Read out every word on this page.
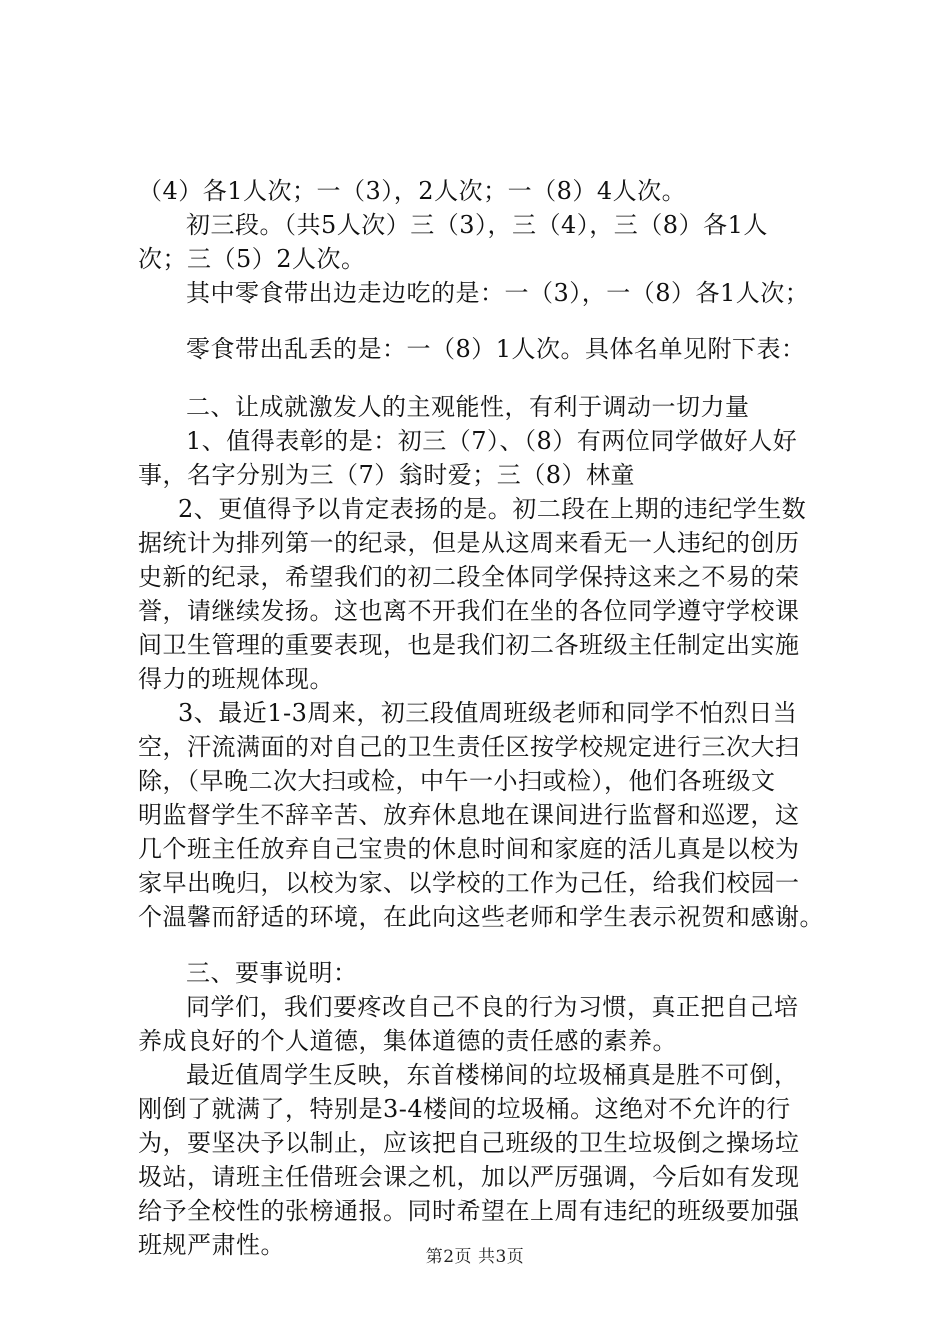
（4）各1人次；一（3），2人次；一（8）4人次。
初三段。（共5人次）三（3），三（4），三（8）各1人
次；三（5）2人次。
其中零食带出边走边吃的是：一（3），一（8）各1人次；
零食带出乱丢的是：一（8）1人次。具体名单见附下表：
二、让成就激发人的主观能性，有利于调动一切力量
1、值得表彰的是：初三（7）、（8）有两位同学做好人好
事，名字分别为三（7）翁时爱；三（8）林童
2、更值得予以肯定表扬的是。初二段在上期的违纪学生数
据统计为排列第一的纪录，但是从这周来看无一人违纪的创历
史新的纪录，希望我们的初二段全体同学保持这来之不易的荣
誉，请继续发扬。这也离不开我们在坐的各位同学遵守学校课
间卫生管理的重要表现，也是我们初二各班级主任制定出实施
得力的班规体现。
3、最近1-3周来，初三段值周班级老师和同学不怕烈日当
空，汗流满面的对自己的卫生责任区按学校规定进行三次大扫
除，（早晚二次大扫或检，中午一小扫或检），他们各班级文
明监督学生不辞辛苦、放弃休息地在课间进行监督和巡逻，这
几个班主任放弃自己宝贵的休息时间和家庭的活儿真是以校为
家早出晚归，以校为家、以学校的工作为己任，给我们校园一
个温馨而舒适的环境，在此向这些老师和学生表示祝贺和感谢。
三、要事说明：
同学们，我们要疼改自己不良的行为习惯，真正把自己培
养成良好的个人道德，集体道德的责任感的素养。
最近值周学生反映，东首楼梯间的垃圾桶真是胜不可倒，
刚倒了就满了，特别是3-4楼间的垃圾桶。这绝对不允许的行
为，要坚决予以制止，应该把自己班级的卫生垃圾倒之操场垃
圾站，请班主任借班会课之机，加以严厉强调，今后如有发现
给予全校性的张榜通报。同时希望在上周有违纪的班级要加强
班规严肃性。	第2页 共3页
